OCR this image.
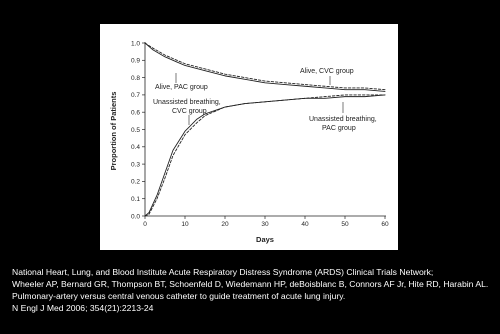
0.0
0.1
0.2
0.3
0.4
0.5
0.6
0.7
0.8
0.9
1.0
0	10	20	30	40	50	60
Alive, PAC group
Alive, CVC group
Unassisted breathing,
CVC group
Unassisted breathing,
PAC group
Proportion of Patients
Days
National Heart, Lung, and Blood Institute Acute Respiratory Distress Syndrome (ARDS) Clinical Trials Network;
Wheeler AP, Bernard GR, Thompson BT, Schoenfeld D, Wiedemann HP, deBoisblanc B, Connors AF Jr, Hite RD, Harabin AL.
Pulmonary-artery versus central venous catheter to guide treatment of acute lung injury.
N Engl J Med 2006; 354(21):2213-24
